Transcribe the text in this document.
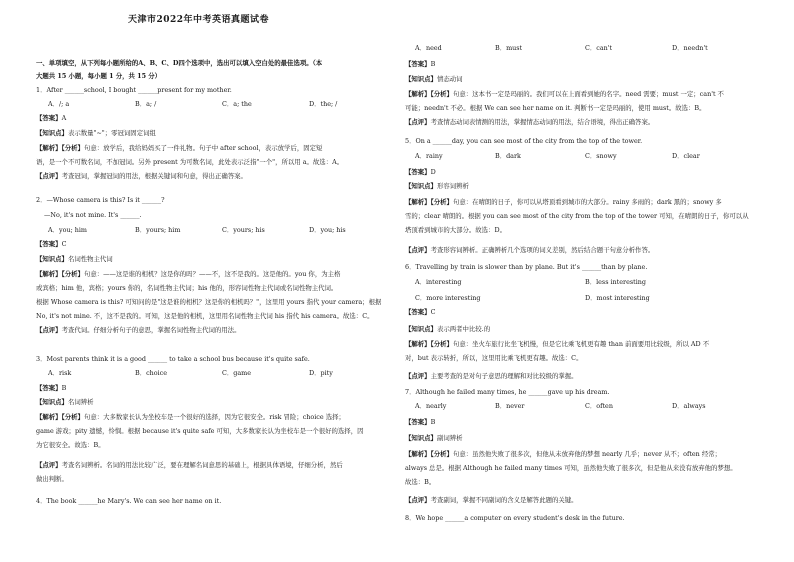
天津市2022年中考英语真题试卷
一、单项填空，从下列每小题所给的A、B、C、D四个选项中，选出可以填入空白处的最佳选项。（本
大题共 15 小题，每小题 1 分，共 15 分）
1．After ______school, I bought ______present for my mother.
【答案】A
【知识点】表示数量"~"；零冠词固定词组
【解析】【分析】句意：放学后，我给妈妈买了一件礼物。句子中 after school，表示放学后，固定短
语，是一个不可数名词，不加冠词。另外 present 为可数名词，此处表示泛指"一个"，所以用 a。故选：A。
【点评】考查冠词，掌握冠词的用法，根据关键词和句意，得出正确答案。
2．—Whose camera is this? Is it ______?
—No, it's not mine. It's ______.
【答案】C
【知识点】名词性物主代词
【解析】【分析】句意：——这是谁的相机？这是你的吗？——不，这不是我的。这是他的。you 你，为主格
或宾格；him 他，宾格；yours 你的，名词性物主代词；his 他的，形容词性物主代词或名词性物主代词。
根据 Whose camera is this? 可知问的是"这是谁的相机？这是你的相机吗？"，这里用 yours 指代 your camera；根据
No, it's not mine. 不，这不是我的。可知，这是他的相机，这里用名词性物主代词 his 指代 his camera。故选：C。
【点评】考查代词。仔细分析句子的意思，掌握名词性物主代词的用法。
3．Most parents think it is a good ______ to take a school bus because it's quite safe.
【答案】B
【知识点】名词辨析
【解析】【分析】句意：大多数家长认为坐校车是一个很好的选择，因为它很安全。risk 冒险；choice 选择；
game 游戏；pity 遗憾，怜悯。根据 because it's quite safe 可知，大多数家长认为坐校车是一个很好的选择，因
为它很安全。故选：B。
【点评】考查名词辨析。名词的用法比较广泛，要在理解名词意思的基础上，根据具体语境，仔细分析，然后
做出判断。
4．The book ______he Mary's. We can see her name on it.
A．/; a	B．a; /	C．a; the	D．the; /
A．you; him	B．yours; him	C．yours; his	D．you; his
A．risk	B．choice	C．game	D．pity
【答案】B
【知识点】情态动词
【解析】【分析】句意：这本书一定是玛丽的。我们可以在上面看到她的名字。need 需要；must 一定；can't 不
可能；needn't 不必。根据 We can see her name on it. 判断书一定是玛丽的，使用 must。故选：B。
【点评】考查情态动词表情测的用法，掌握情态动词的用法，结合语境，得出正确答案。
5．On a ______day, you can see most of the city from the top of the tower.
【答案】D
【知识点】形容词辨析
【解析】【分析】句意：在晴朗的日子，你可以从塔顶看到城市的大部分。rainy 多雨的；dark 黑的；snowy 多
雪的；clear 晴朗的。根据 you can see most of the city from the top of the tower 可知，在晴朗的日子，你可以从
塔顶看到城市的大部分。故选：D。
【点评】考查形容词辨析。正确辨析几个选项的词义差别，然后结合题干句意分析作答。
6．Travelling by train is slower than by plane. But it's ______than by plane.
【答案】C
【知识点】表示两者中比较.的
【解析】【分析】句意：坐火车旅行比坐飞机慢，但是它比乘飞机更有趣 than 前面要用比较级，所以 AD 不
对，but 表示转折，所以，这里用比乘飞机更有趣。故选：C。
【点评】主要考查的是对句子意思的理解和对比较级的掌握。
7．Although he failed many times, he ______gave up his dream.
【答案】B
【知识点】副词辨析
【解析】【分析】句意：虽然他失败了很多次，但他从未放弃他的梦想 nearly 几乎；never 从不；often 经常；
always 总是。根据 Although he failed many times 可知，虽然他失败了很多次，但是他从来没有放弃他的梦想。
故选：B。
【点评】考查副词，掌握不同副词的含义是解答此题的关键。
8．We hope ______a computer on every student's desk in the future.
A．need	B．must	C．can't	D．needn't
A．rainy	B．dark	C．snowy	D．clear
A．interesting	B．less interesting
C．more interesting	D．most interesting
A．nearly	B．never	C．often	D．always
